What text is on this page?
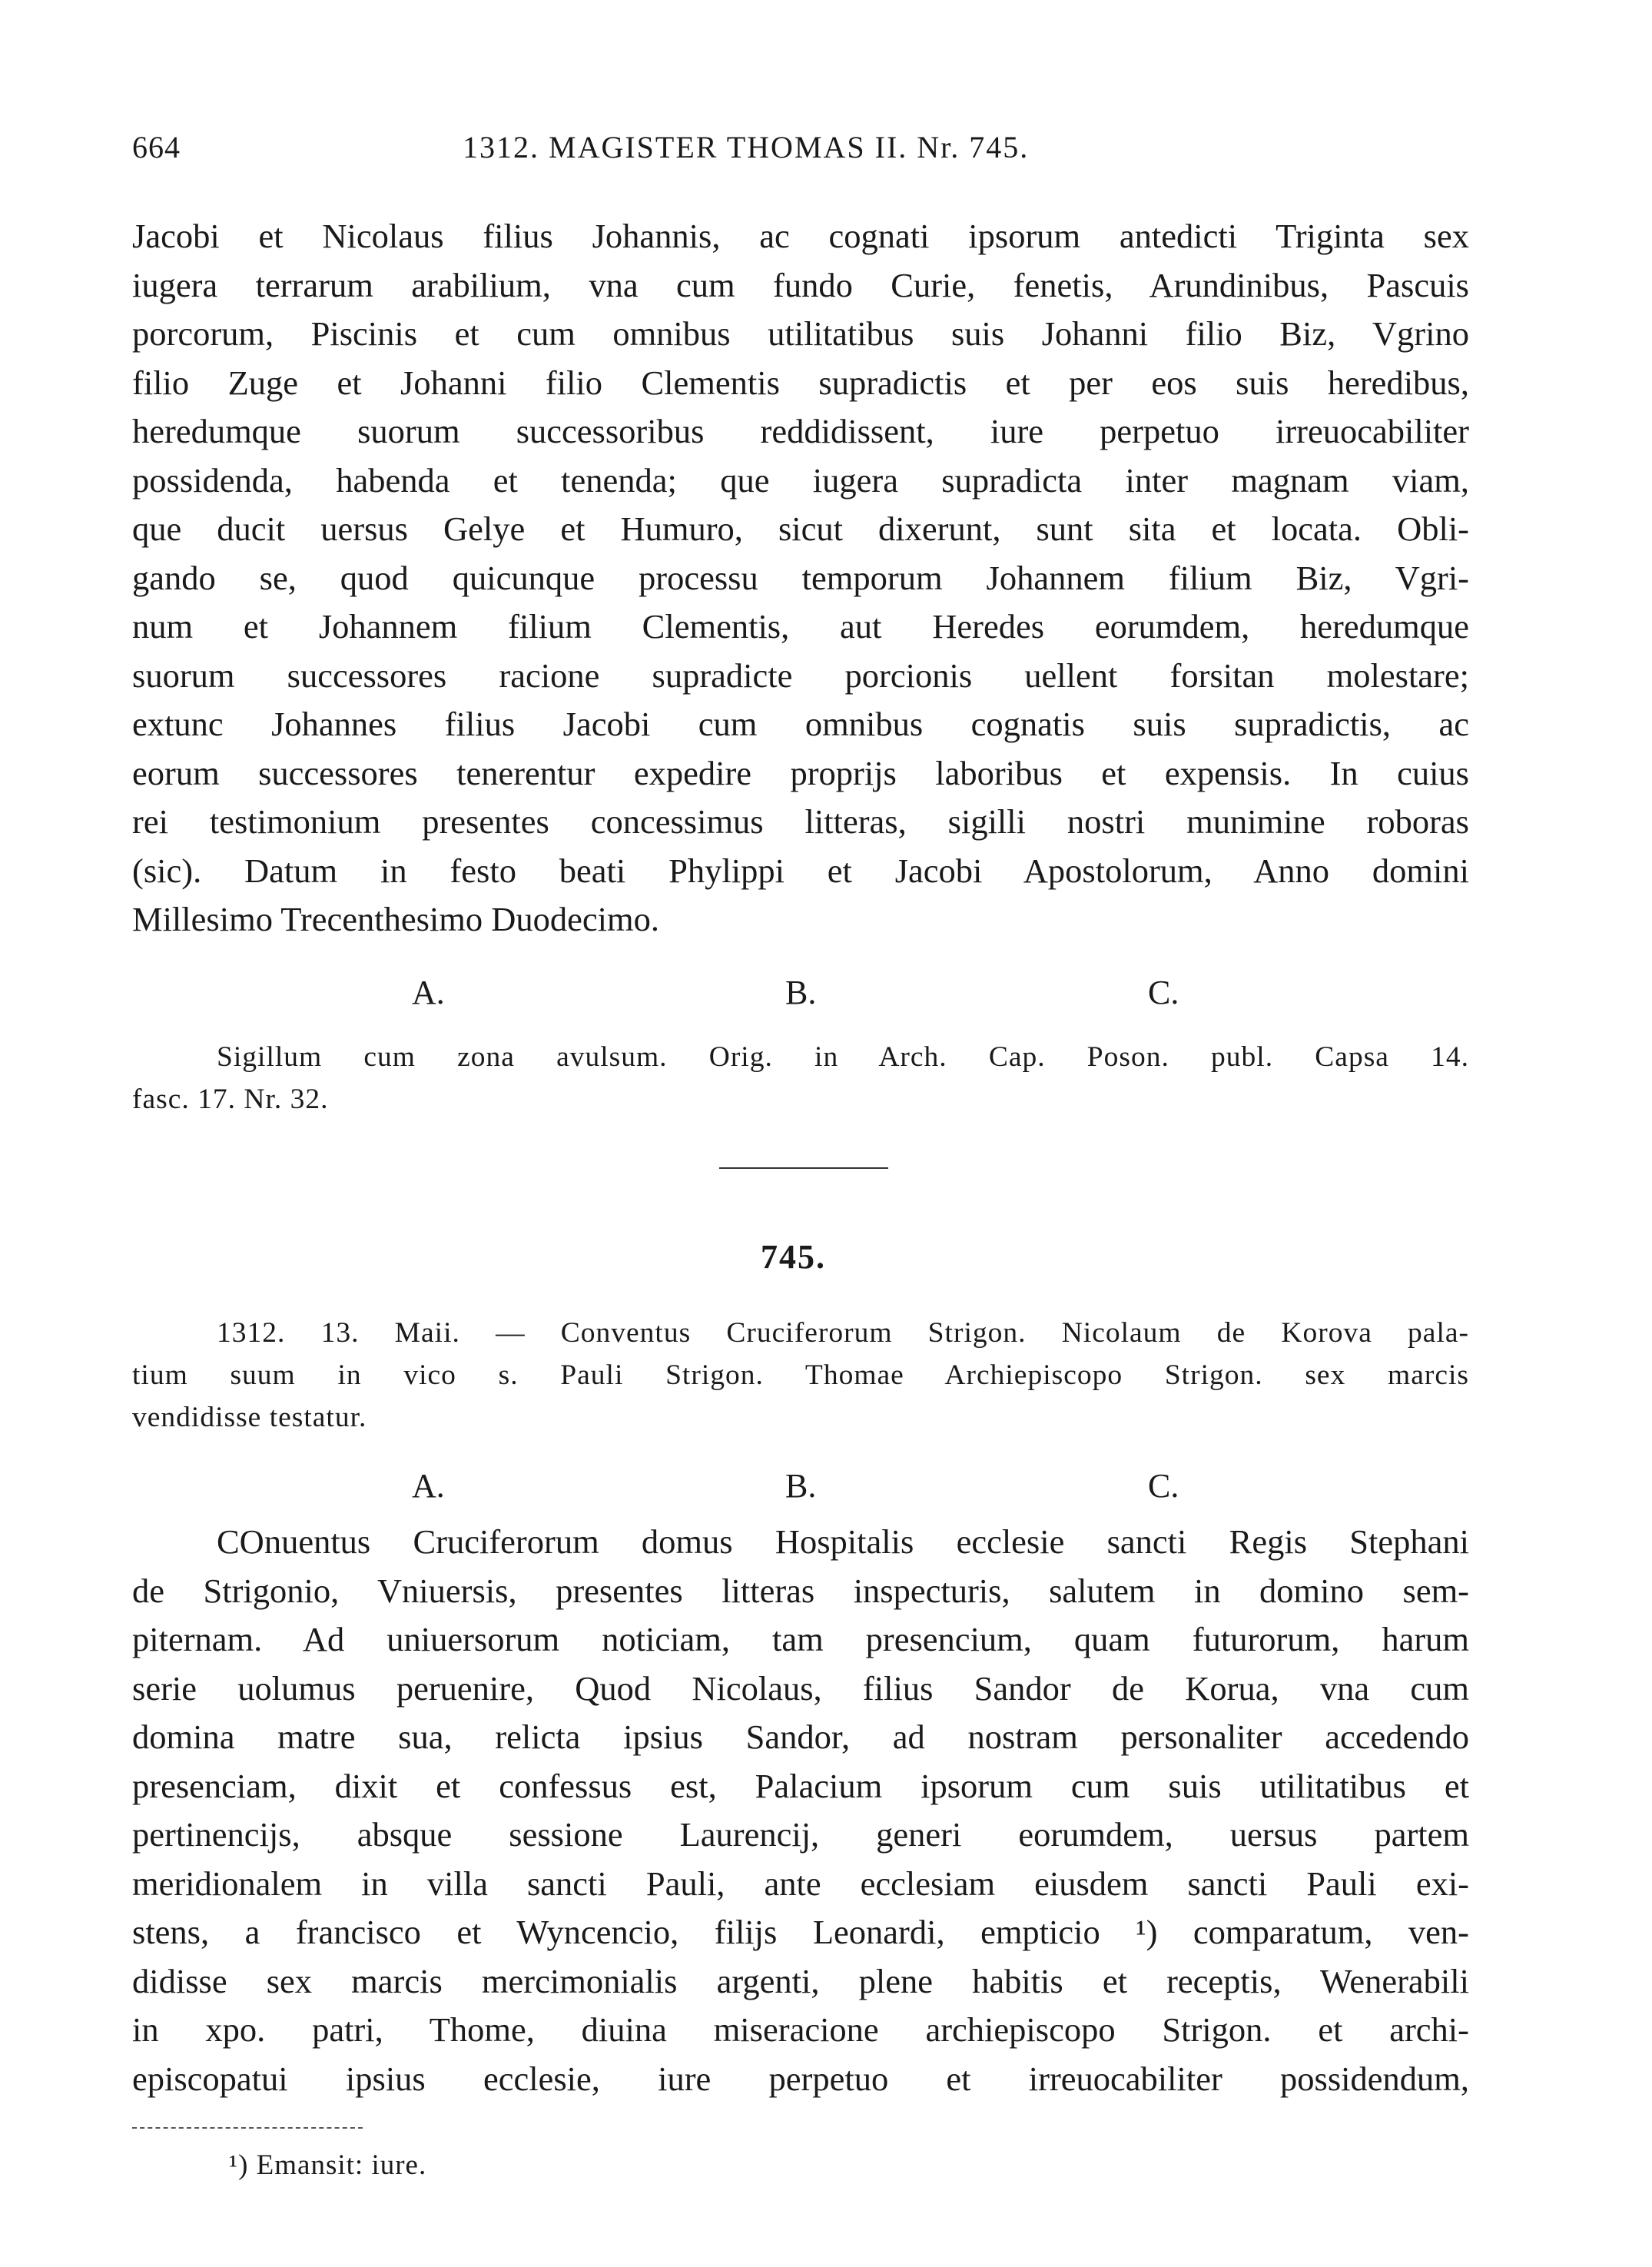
664	1312. MAGISTER THOMAS II. Nr. 745.
Jacobi et Nicolaus filius Johannis, ac cognati ipsorum antedicti Triginta sex
iugera terrarum arabilium, vna cum fundo Curie, fenetis, Arundinibus, Pascuis
porcorum, Piscinis et cum omnibus utilitatibus suis Johanni filio Biz, Vgrino
filio Zuge et Johanni filio Clementis supradictis et per eos suis heredibus,
heredumque suorum successoribus reddidissent, iure perpetuo irreuocabiliter
possidenda, habenda et tenenda; que iugera supradicta inter magnam viam,
que ducit uersus Gelye et Humuro, sicut dixerunt, sunt sita et locata. Obli-
gando se, quod quicunque processu temporum Johannem filium Biz, Vgri-
num et Johannem filium Clementis, aut Heredes eorumdem, heredumque
suorum successores racione supradicte porcionis uellent forsitan molestare;
extunc Johannes filius Jacobi cum omnibus cognatis suis supradictis, ac
eorum successores tenerentur expedire proprijs laboribus et expensis. In cuius
rei testimonium presentes concessimus litteras, sigilli nostri munimine roboras
(sic). Datum in festo beati Phylippi et Jacobi Apostolorum, Anno domini
Millesimo Trecenthesimo Duodecimo.
A.	B.	C.
Sigillum cum zona avulsum. Orig. in Arch. Cap. Poson. publ. Capsa 14.
fasc. 17. Nr. 32.
745.
1312. 13. Maii. — Conventus Cruciferorum Strigon. Nicolaum de Korova pala-
tium suum in vico s. Pauli Strigon. Thomae Archiepiscopo Strigon. sex marcis
vendidisse testatur.
A.	B.	C.
COnuentus Cruciferorum domus Hospitalis ecclesie sancti Regis Stephani
de Strigonio, Vniuersis, presentes litteras inspecturis, salutem in domino sem-
piternam. Ad uniuersorum noticiam, tam presencium, quam futurorum, harum
serie uolumus peruenire, Quod Nicolaus, filius Sandor de Korua, vna cum
domina matre sua, relicta ipsius Sandor, ad nostram personaliter accedendo
presenciam, dixit et confessus est, Palacium ipsorum cum suis utilitatibus et
pertinencijs, absque sessione Laurencij, generi eorumdem, uersus partem
meridionalem in villa sancti Pauli, ante ecclesiam eiusdem sancti Pauli exi-
stens, a francisco et Wyncencio, filijs Leonardi, empticio ¹) comparatum, ven-
didisse sex marcis mercimonialis argenti, plene habitis et receptis, Wenerabili
in xpo. patri, Thome, diuina miseracione archiepiscopo Strigon. et archi-
episcopatui ipsius ecclesie, iure perpetuo et irreuocabiliter possidendum,
¹) Emansit: iure.
